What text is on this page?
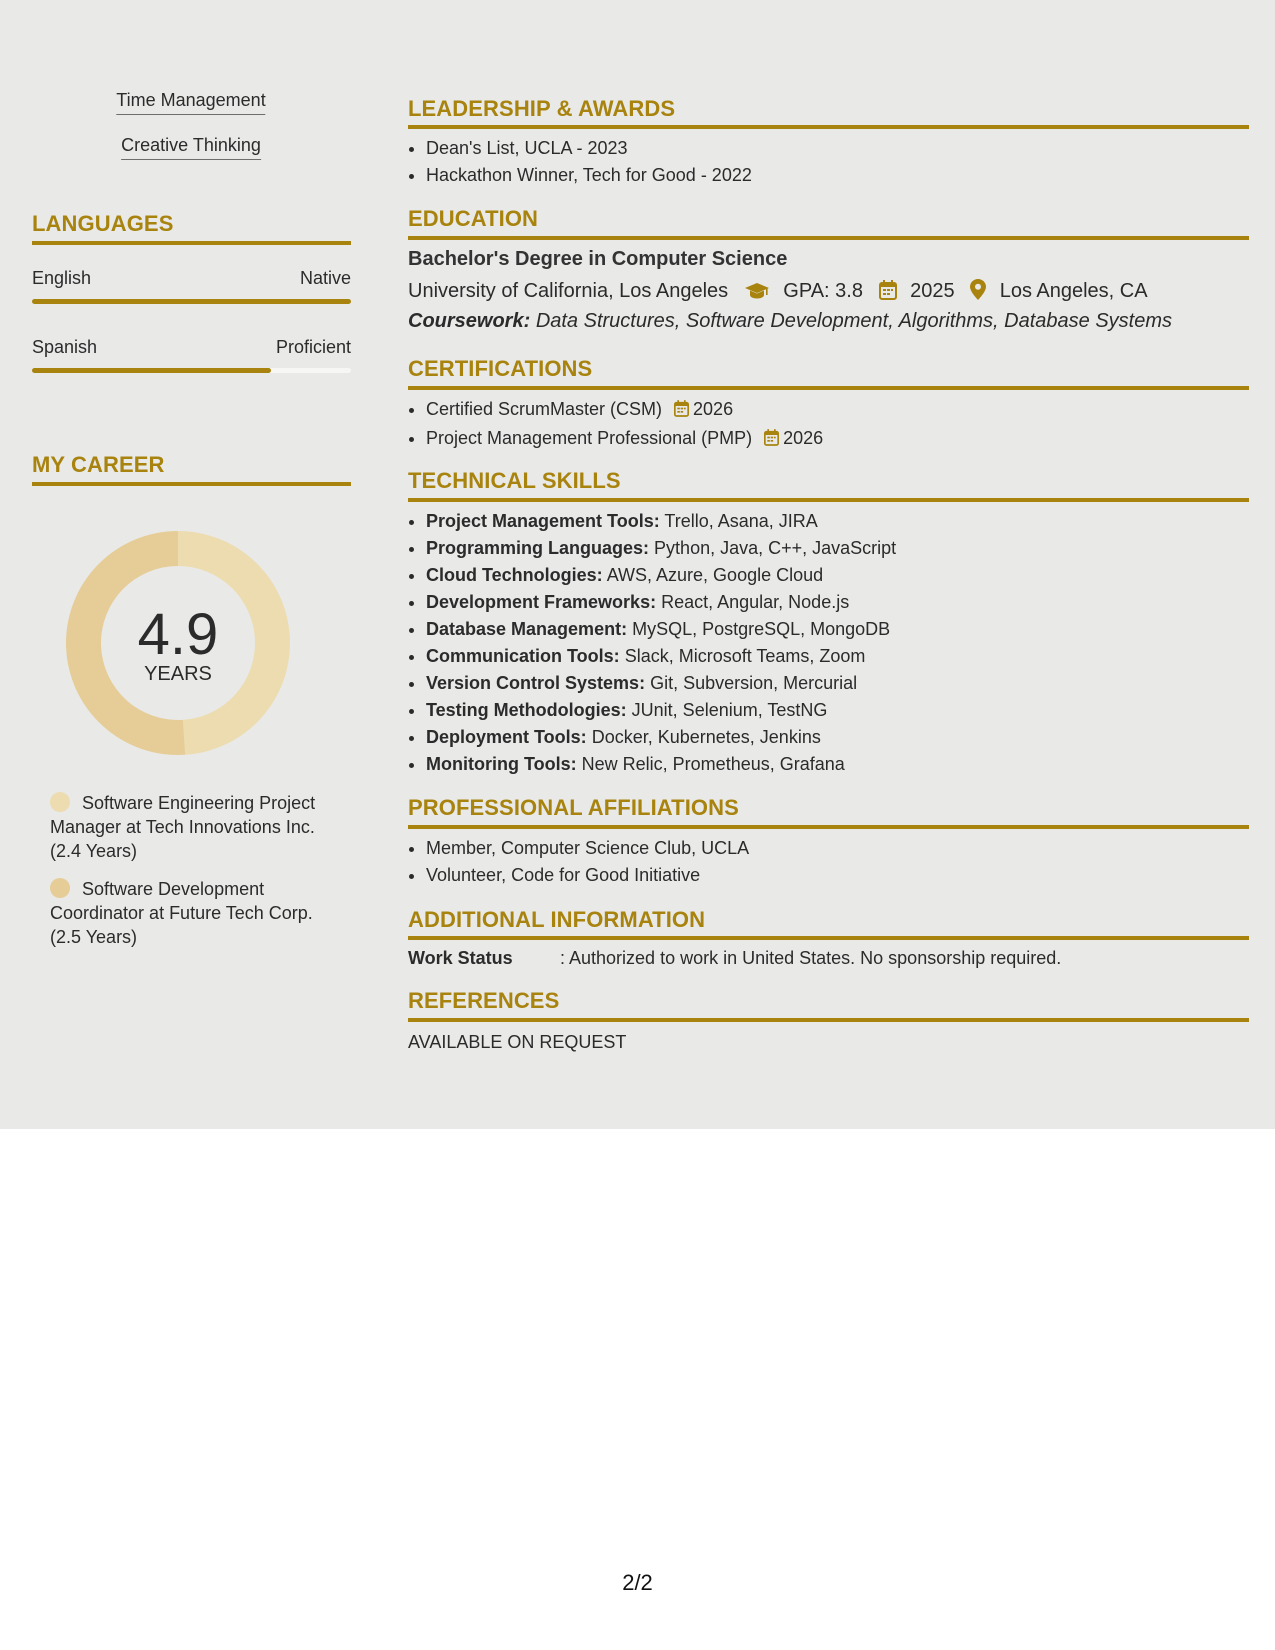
Time Management
Creative Thinking
LANGUAGES
English	Native
Spanish	Proficient
MY CAREER
4.9
YEARS
Software Engineering Project Manager at Tech Innovations Inc. (2.4 Years)
Software Development Coordinator at Future Tech Corp. (2.5 Years)
LEADERSHIP & AWARDS
• Dean's List, UCLA - 2023
• Hackathon Winner, Tech for Good - 2022
EDUCATION
Bachelor's Degree in Computer Science
University of California, Los Angeles	GPA: 3.8 2025 Los Angeles, CA
Coursework: Data Structures, Software Development, Algorithms, Database Systems
CERTIFICATIONS
• Certified ScrumMaster (CSM) 2026
• Project Management Professional (PMP) 2026
TECHNICAL SKILLS
• Project Management Tools: Trello, Asana, JIRA
• Programming Languages: Python, Java, C++, JavaScript
• Cloud Technologies: AWS, Azure, Google Cloud
• Development Frameworks: React, Angular, Node.js
• Database Management: MySQL, PostgreSQL, MongoDB
• Communication Tools: Slack, Microsoft Teams, Zoom
• Version Control Systems: Git, Subversion, Mercurial
• Testing Methodologies: JUnit, Selenium, TestNG
• Deployment Tools: Docker, Kubernetes, Jenkins
• Monitoring Tools: New Relic, Prometheus, Grafana
PROFESSIONAL AFFILIATIONS
• Member, Computer Science Club, UCLA
• Volunteer, Code for Good Initiative
ADDITIONAL INFORMATION
Work Status	: Authorized to work in United States. No sponsorship required.
REFERENCES
AVAILABLE ON REQUEST
2/2
